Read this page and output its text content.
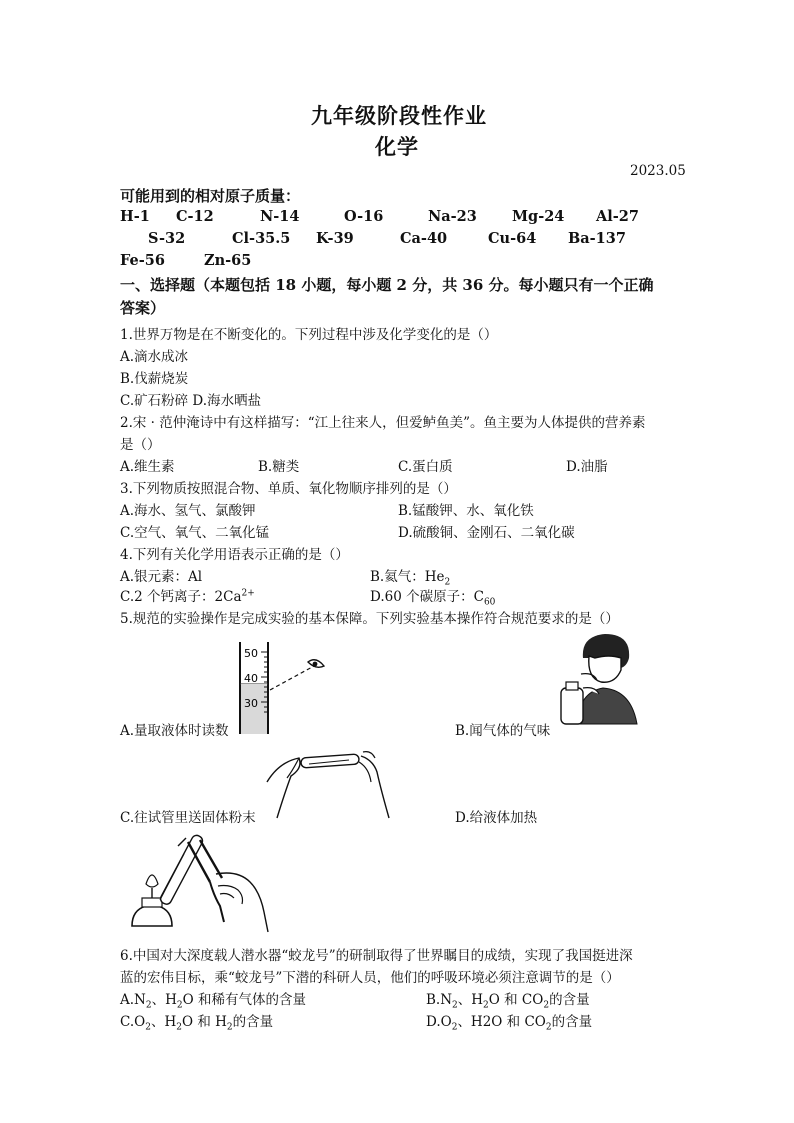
九年级阶段性作业
化学
2023.05
可能用到的相对原子质量：
H-1 C-12	N-14	O-16	Na-23 Mg-24 Al-27
S-32	Cl-35.5 K-39	Ca-40	Cu-64 Ba-137
Fe-56	Zn-65
一、选择题（本题包括 18 小题，每小题 2 分，共 36 分。每小题只有一个正确
答案）
1.世界万物是在不断变化的。下列过程中涉及化学变化的是（）
A.滴水成冰
B.伐薪烧炭
C.矿石粉碎 D.海水晒盐
2.宋 · 范仲淹诗中有这样描写：“江上往来人，但爱鲈鱼美”。鱼主要为人体提供的营养素
是（）
A.维生素	B.糖类	C.蛋白质	D.油脂
3.下列物质按照混合物、单质、氧化物顺序排列的是（）
A.海水、氢气、氯酸钾	B.锰酸钾、水、氧化铁
C.空气、氧气、二氧化锰	D.硫酸铜、金刚石、二氧化碳
4.下列有关化学用语表示正确的是（）
A.银元素：Al	B.氦气：$He_2$
C.2 个钙离子：$2Ca^{2+}$	D.60 个碳原子：$C_{60}$
5.规范的实验操作是完成实验的基本保障。下列实验基本操作符合规范要求的是（）
50
40
30
A.量取液体时读数	B.闻气体的气味
C.往试管里送固体粉末	D.给液体加热
6.中国对大深度载人潜水器“蛟龙号”的研制取得了世界瞩目的成绩，实现了我国挺进深
蓝的宏伟目标，乘“蛟龙号”下潜的科研人员，他们的呼吸环境必须注意调节的是（）
$A.N_2$、$H_2O$ 和稀有气体的含量	$B.N_2$、$H_2O$ 和 $CO_2$的含量
$C.O_2$、$H_2O$ 和 $H_2$的含量	$D.O_2$、H2O 和 $CO_2$的含量
